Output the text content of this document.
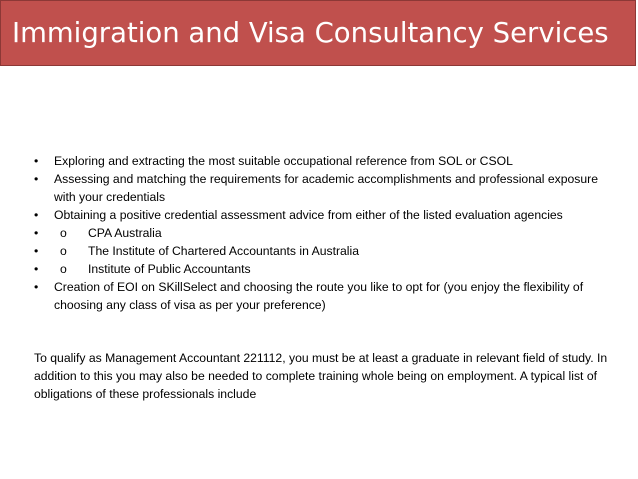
Immigration and Visa Consultancy Services
•	Exploring and extracting the most suitable occupational reference from SOL or CSOL
•	Assessing and matching the requirements for academic accomplishments and professional exposure with your credentials
•	Obtaining a positive credential assessment advice from either of the listed evaluation agencies
•	o CPA Australia
•	o The Institute of Chartered Accountants in Australia
•	o Institute of Public Accountants
•	Creation of EOI on SKillSelect and choosing the route you like to opt for (you enjoy the flexibility of   choosing any class of visa as per your preference)

To qualify as Management Accountant 221112, you must be at least a graduate in relevant field of study. In addition to this you may also be needed to complete training whole being on employment. A typical list of obligations of these professionals include
